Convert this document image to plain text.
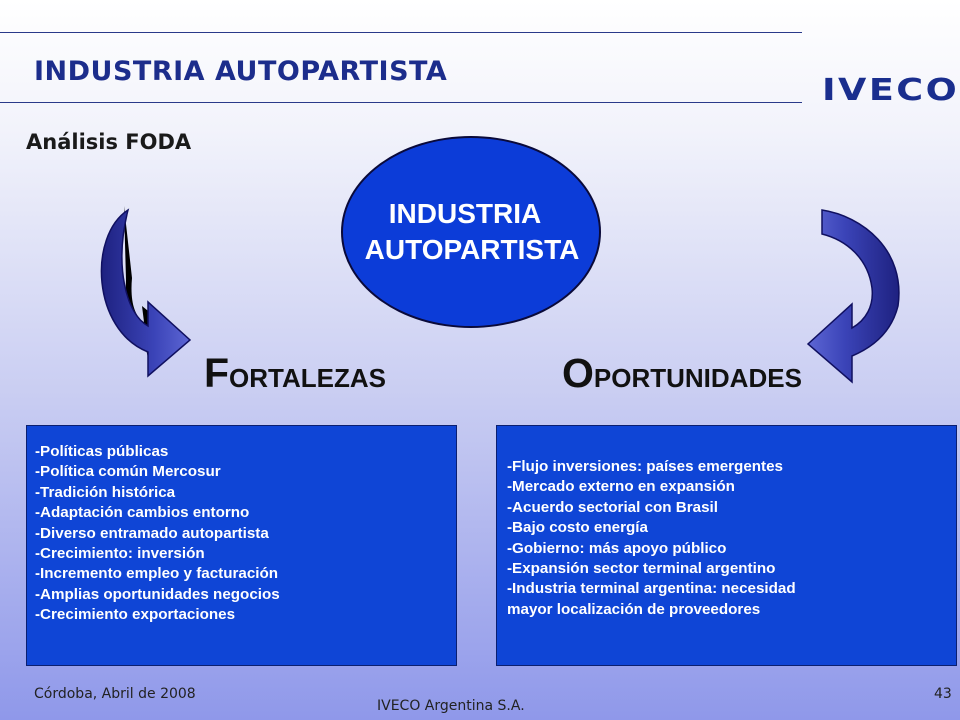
INDUSTRIA AUTOPARTISTA
IVECO
Análisis FODA
INDUSTRIA
AUTOPARTISTA
FORTALEZAS	OPORTUNIDADES
-Políticas públicas
-Política común Mercosur
-Tradición histórica
-Adaptación cambios entorno
-Diverso entramado autopartista
-Crecimiento: inversión
-Incremento empleo y facturación
-Amplias oportunidades negocios
-Crecimiento exportaciones
-Flujo inversiones: países emergentes
-Mercado externo en expansión
-Acuerdo sectorial con Brasil
-Bajo costo energía
-Gobierno: más apoyo público
-Expansión sector terminal argentino
-Industria terminal argentina: necesidad
mayor localización de proveedores
Córdoba, Abril de 2008
IVECO Argentina S.A.
43
